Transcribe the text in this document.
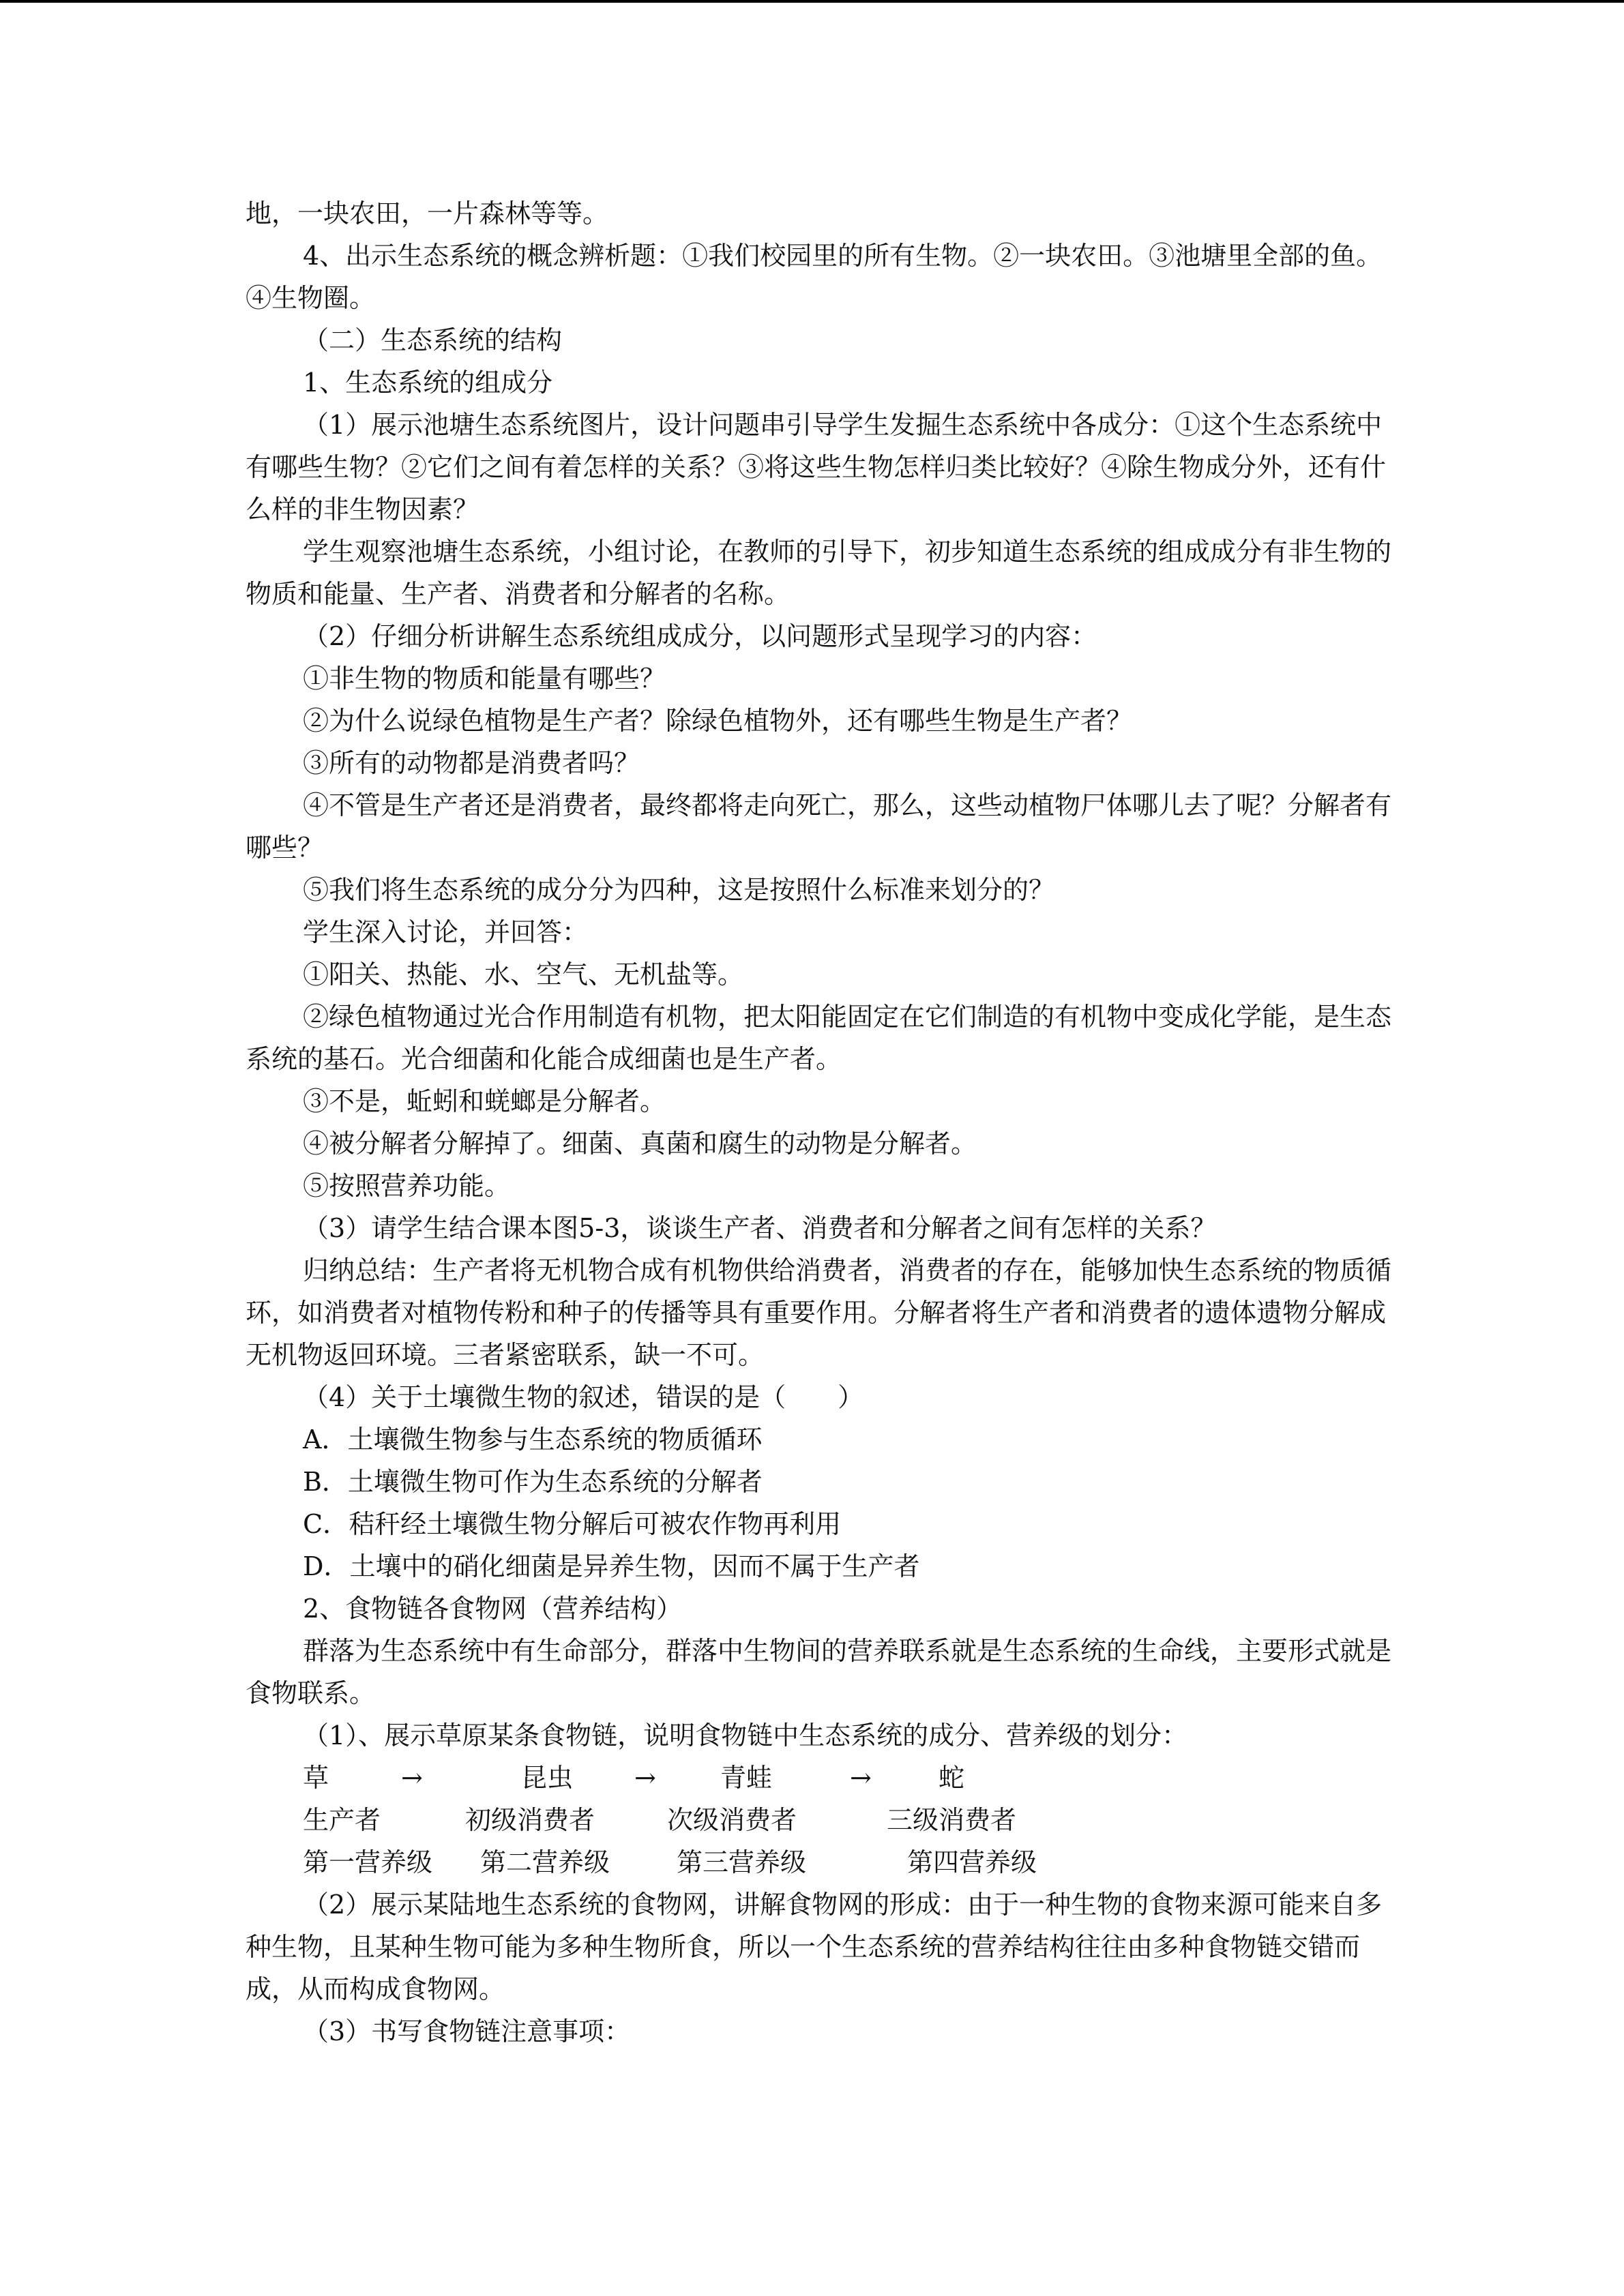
地，一块农田，一片森林等等。

4、出示生态系统的概念辨析题：①我们校园里的所有生物。②一块农田。③池塘里全部的鱼。④生物圈。

（二）生态系统的结构

1、生态系统的组成分

（1）展示池塘生态系统图片，设计问题串引导学生发掘生态系统中各成分：①这个生态系统中有哪些生物？②它们之间有着怎样的关系？③将这些生物怎样归类比较好？④除生物成分外，还有什么样的非生物因素？

学生观察池塘生态系统，小组讨论，在教师的引导下，初步知道生态系统的组成成分有非生物的物质和能量、生产者、消费者和分解者的名称。

（2）仔细分析讲解生态系统组成成分，以问题形式呈现学习的内容：

①非生物的物质和能量有哪些？

②为什么说绿色植物是生产者？除绿色植物外，还有哪些生物是生产者？

③所有的动物都是消费者吗？

④不管是生产者还是消费者，最终都将走向死亡，那么，这些动植物尸体哪儿去了呢？分解者有哪些？

⑤我们将生态系统的成分分为四种，这是按照什么标准来划分的？

学生深入讨论，并回答：

①阳关、热能、水、空气、无机盐等。

②绿色植物通过光合作用制造有机物，把太阳能固定在它们制造的有机物中变成化学能，是生态系统的基石。光合细菌和化能合成细菌也是生产者。

③不是，蚯蚓和蜣螂是分解者。

④被分解者分解掉了。细菌、真菌和腐生的动物是分解者。

⑤按照营养功能。

（3）请学生结合课本图5-3，谈谈生产者、消费者和分解者之间有怎样的关系？

归纳总结：生产者将无机物合成有机物供给消费者，消费者的存在，能够加快生态系统的物质循环，如消费者对植物传粉和种子的传播等具有重要作用。分解者将生产者和消费者的遗体遗物分解成无机物返回环境。三者紧密联系，缺一不可。

（4）关于土壤微生物的叙述，错误的是（　　）

A．土壤微生物参与生态系统的物质循环

B．土壤微生物可作为生态系统的分解者

C．秸秆经土壤微生物分解后可被农作物再利用

D．土壤中的硝化细菌是异养生物，因而不属于生产者

2、食物链各食物网（营养结构）

群落为生态系统中有生命部分，群落中生物间的营养联系就是生态系统的生命线，主要形式就是食物联系。

（1）、展示草原某条食物链，说明食物链中生态系统的成分、营养级的划分：

草	→	昆虫 → 青蛙	→	蛇
生产者	初级消费者	次级消费者	三级消费者
第一营养级 第二营养级	第三营养级	第四营养级

（2）展示某陆地生态系统的食物网，讲解食物网的形成：由于一种生物的食物来源可能来自多种生物，且某种生物可能为多种生物所食，所以一个生态系统的营养结构往往由多种食物链交错而成，从而构成食物网。

（3）书写食物链注意事项：
